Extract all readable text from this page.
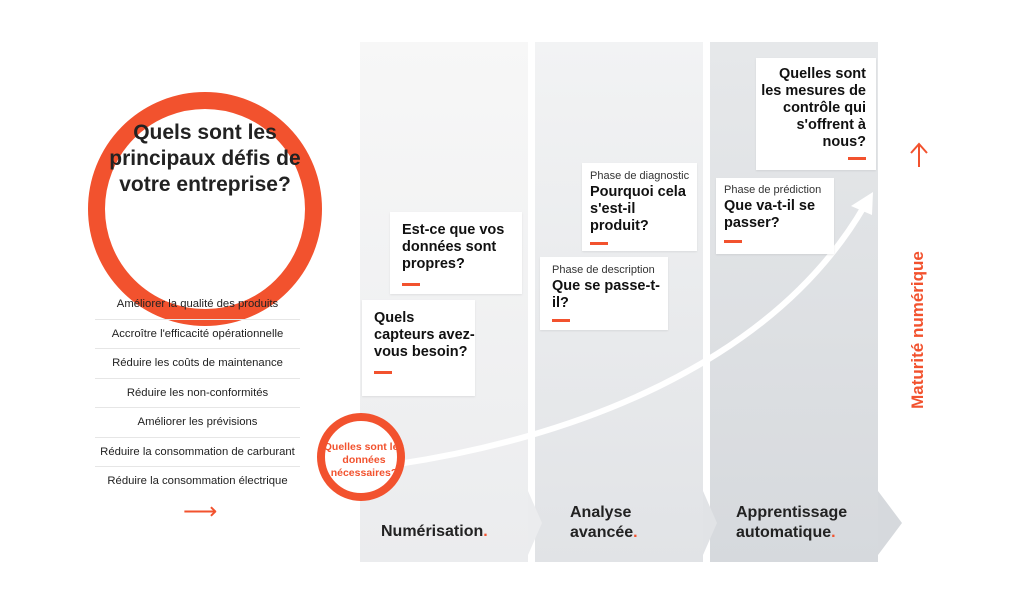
Quels sont les principaux défis de votre entreprise?
Améliorer la qualité des produits
Accroître l'efficacité opérationnelle
Réduire les coûts de maintenance
Réduire les non-conformités
Améliorer les prévisions
Réduire la consommation de carburant
Réduire la consommation électrique
⟶
Numérisation.
Analyse
avancée.
Apprentissage
automatique.
Quels capteurs avez-vous besoin?
Est-ce que vos données sont propres?	Phase de description
Que se passe-t-il?
Phase de diagnostic
Pourquoi cela s'est-il produit?
Phase de prédiction
Que va-t-il se passer?
Quelles sont les mesures de contrôle qui s'offrent à nous?
Quelles sont les données nécessaires?
Maturité numérique
